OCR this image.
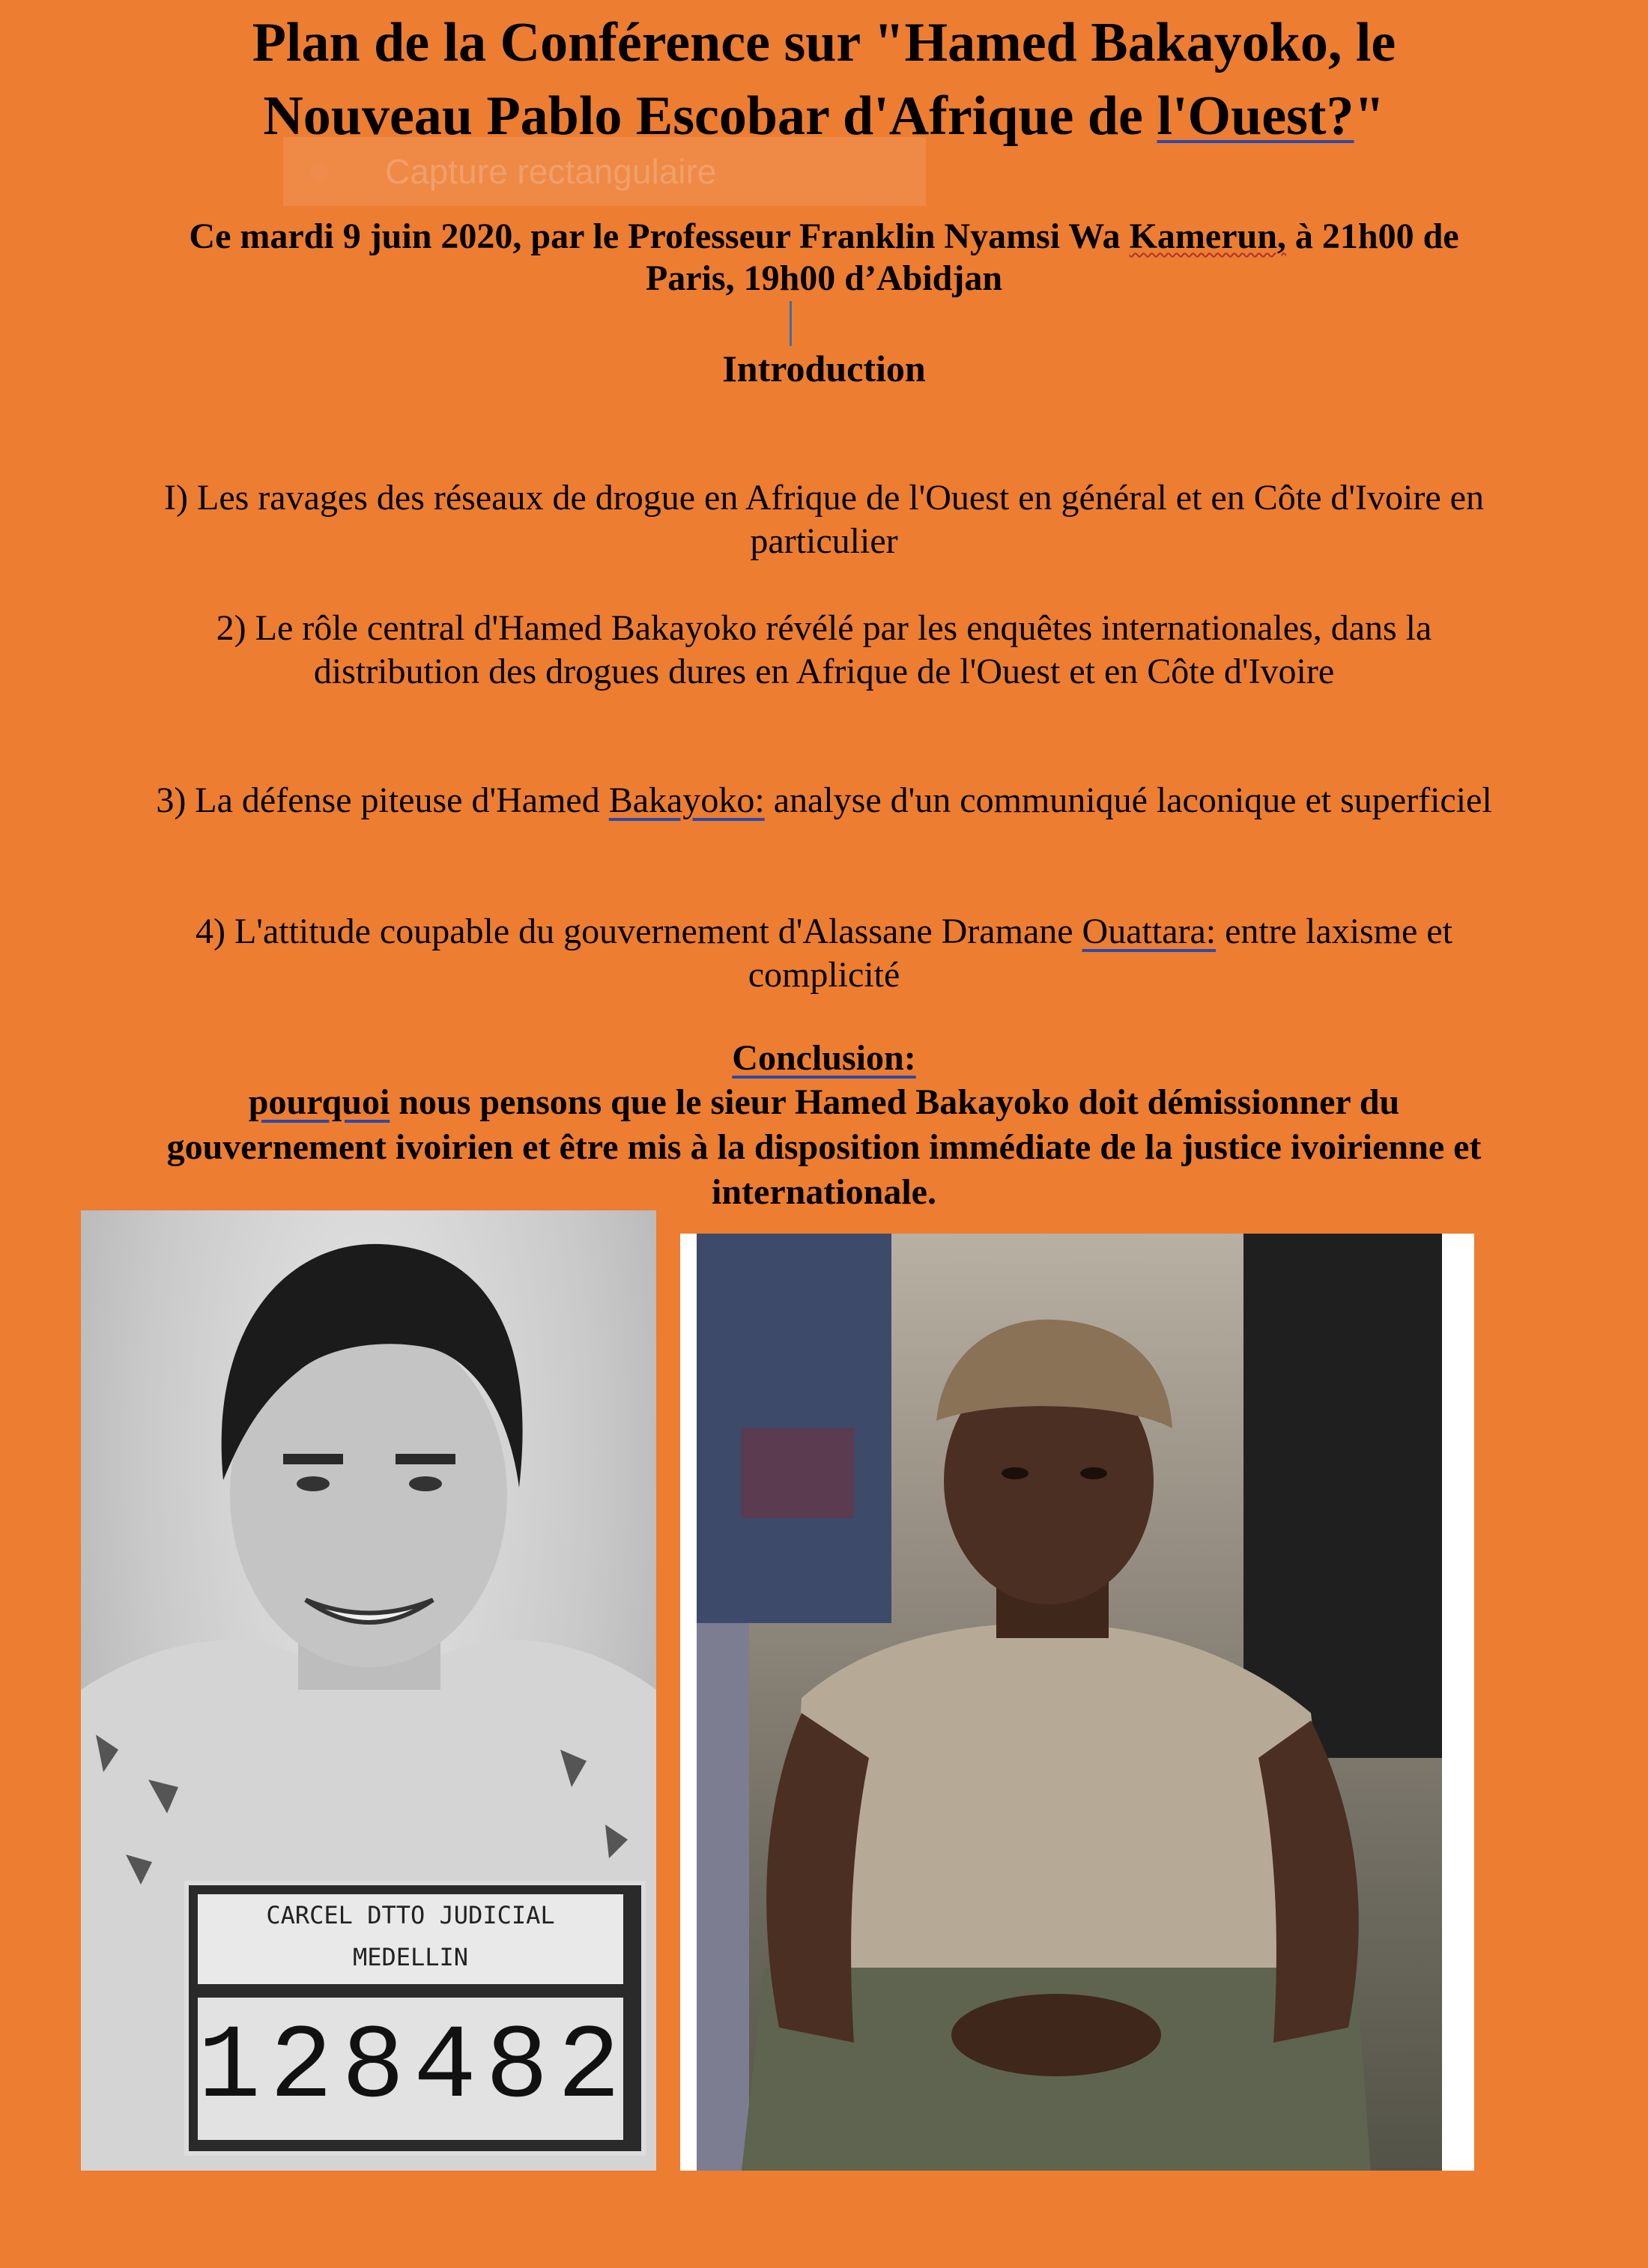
Plan de la Conférence sur "Hamed Bakayoko, le
Nouveau Pablo Escobar d'Afrique de l'Ouest?"
Capture rectangulaire
Ce mardi 9 juin 2020, par le Professeur Franklin Nyamsi Wa Kamerun, à 21h00 de
Paris, 19h00 d’Abidjan
Introduction
I) Les ravages des réseaux de drogue en Afrique de l'Ouest en général et en Côte d'Ivoire en
particulier
2) Le rôle central d'Hamed Bakayoko révélé par les enquêtes internationales, dans la
distribution des drogues dures en Afrique de l'Ouest et en Côte d'Ivoire
3) La défense piteuse d'Hamed Bakayoko: analyse d'un communiqué laconique et superficiel
4) L'attitude coupable du gouvernement d'Alassane Dramane Ouattara: entre laxisme et
complicité
Conclusion:
pourquoi nous pensons que le sieur Hamed Bakayoko doit démissionner du
gouvernement ivoirien et être mis à la disposition immédiate de la justice ivoirienne et
internationale.
CARCEL DTTO JUDICIAL
MEDELLIN
128482
